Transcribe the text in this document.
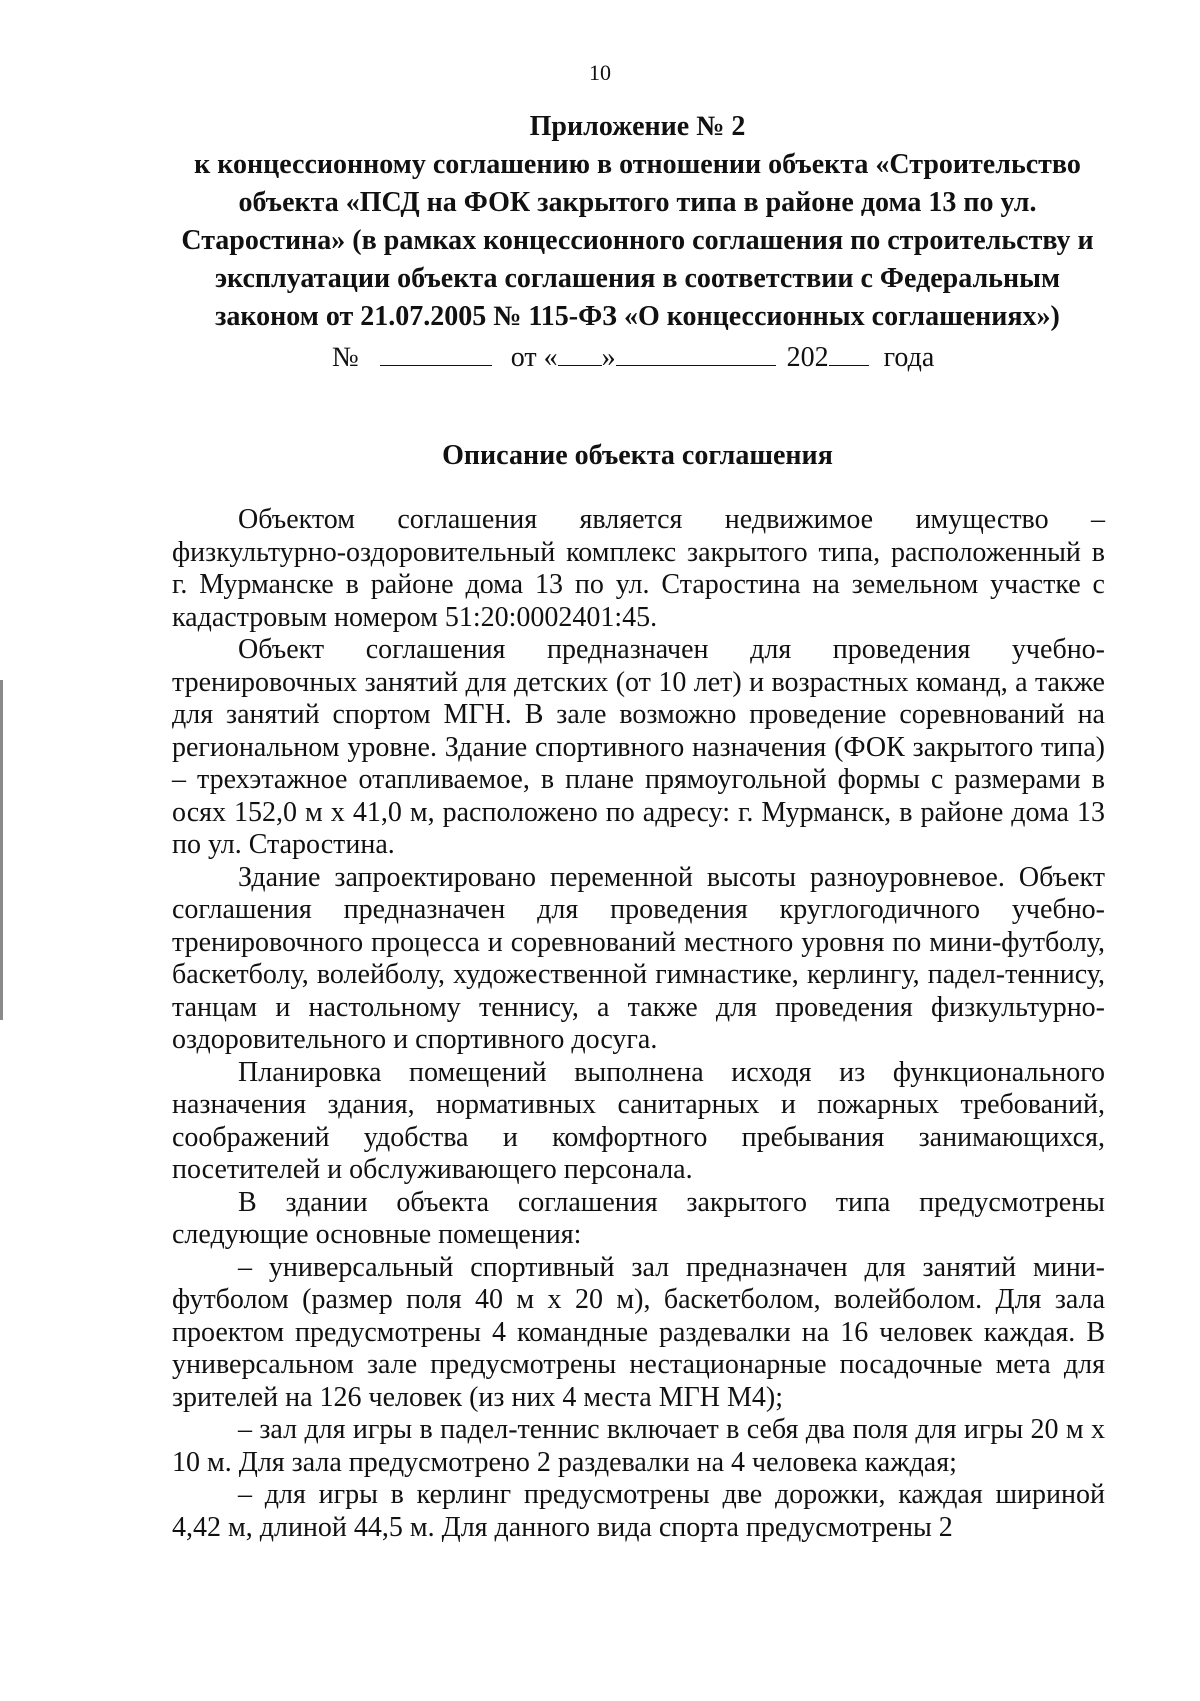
10

Приложение № 2

к концессионному соглашению в отношении объекта «Строительство

объекта «ПСД на ФОК закрытого типа в районе дома 13 по ул.

Старостина» (в рамках концессионного соглашения по строительству и

эксплуатации объекта соглашения в соответствии с Федеральным

законом от 21.07.2005 № 115-ФЗ «О концессионных соглашениях»)

№	от « »	202 года
Описание объекта соглашения

Объектом соглашения является недвижимое имущество – физкультурно-оздоровительный комплекс закрытого типа, расположенный в г. Мурманске в районе дома 13 по ул. Старостина на земельном участке с кадастровым номером 51:20:0002401:45.

Объект соглашения предназначен для проведения учебно-тренировочных занятий для детских (от 10 лет) и возрастных команд, а также для занятий спортом МГН. В зале возможно проведение соревнований на региональном уровне. Здание спортивного назначения (ФОК закрытого типа) – трехэтажное отапливаемое, в плане прямоугольной формы с размерами в осях 152,0 м х 41,0 м, расположено по адресу: г. Мурманск, в районе дома 13 по ул. Старостина.

Здание запроектировано переменной высоты разноуровневое. Объект соглашения предназначен для проведения круглогодичного учебно-тренировочного процесса и соревнований местного уровня по мини-футболу, баскетболу, волейболу, художественной гимнастике, керлингу, падел-теннису, танцам и настольному теннису, а также для проведения физкультурно-оздоровительного и спортивного досуга.

Планировка помещений выполнена исходя из функционального назначения здания, нормативных санитарных и пожарных требований, соображений удобства и комфортного пребывания занимающихся, посетителей и обслуживающего персонала.

В здании объекта соглашения закрытого типа предусмотрены следующие основные помещения:

– универсальный спортивный зал предназначен для занятий мини-футболом (размер поля 40 м х 20 м), баскетболом, волейболом. Для зала проектом предусмотрены 4 командные раздевалки на 16 человек каждая. В универсальном зале предусмотрены нестационарные посадочные мета для зрителей на 126 человек (из них 4 места МГН М4);

– зал для игры в падел-теннис включает в себя два поля для игры 20 м х 10 м. Для зала предусмотрено 2 раздевалки на 4 человека каждая;

– для игры в керлинг предусмотрены две дорожки, каждая шириной 4,42 м, длиной 44,5 м. Для данного вида спорта предусмотрены 2
